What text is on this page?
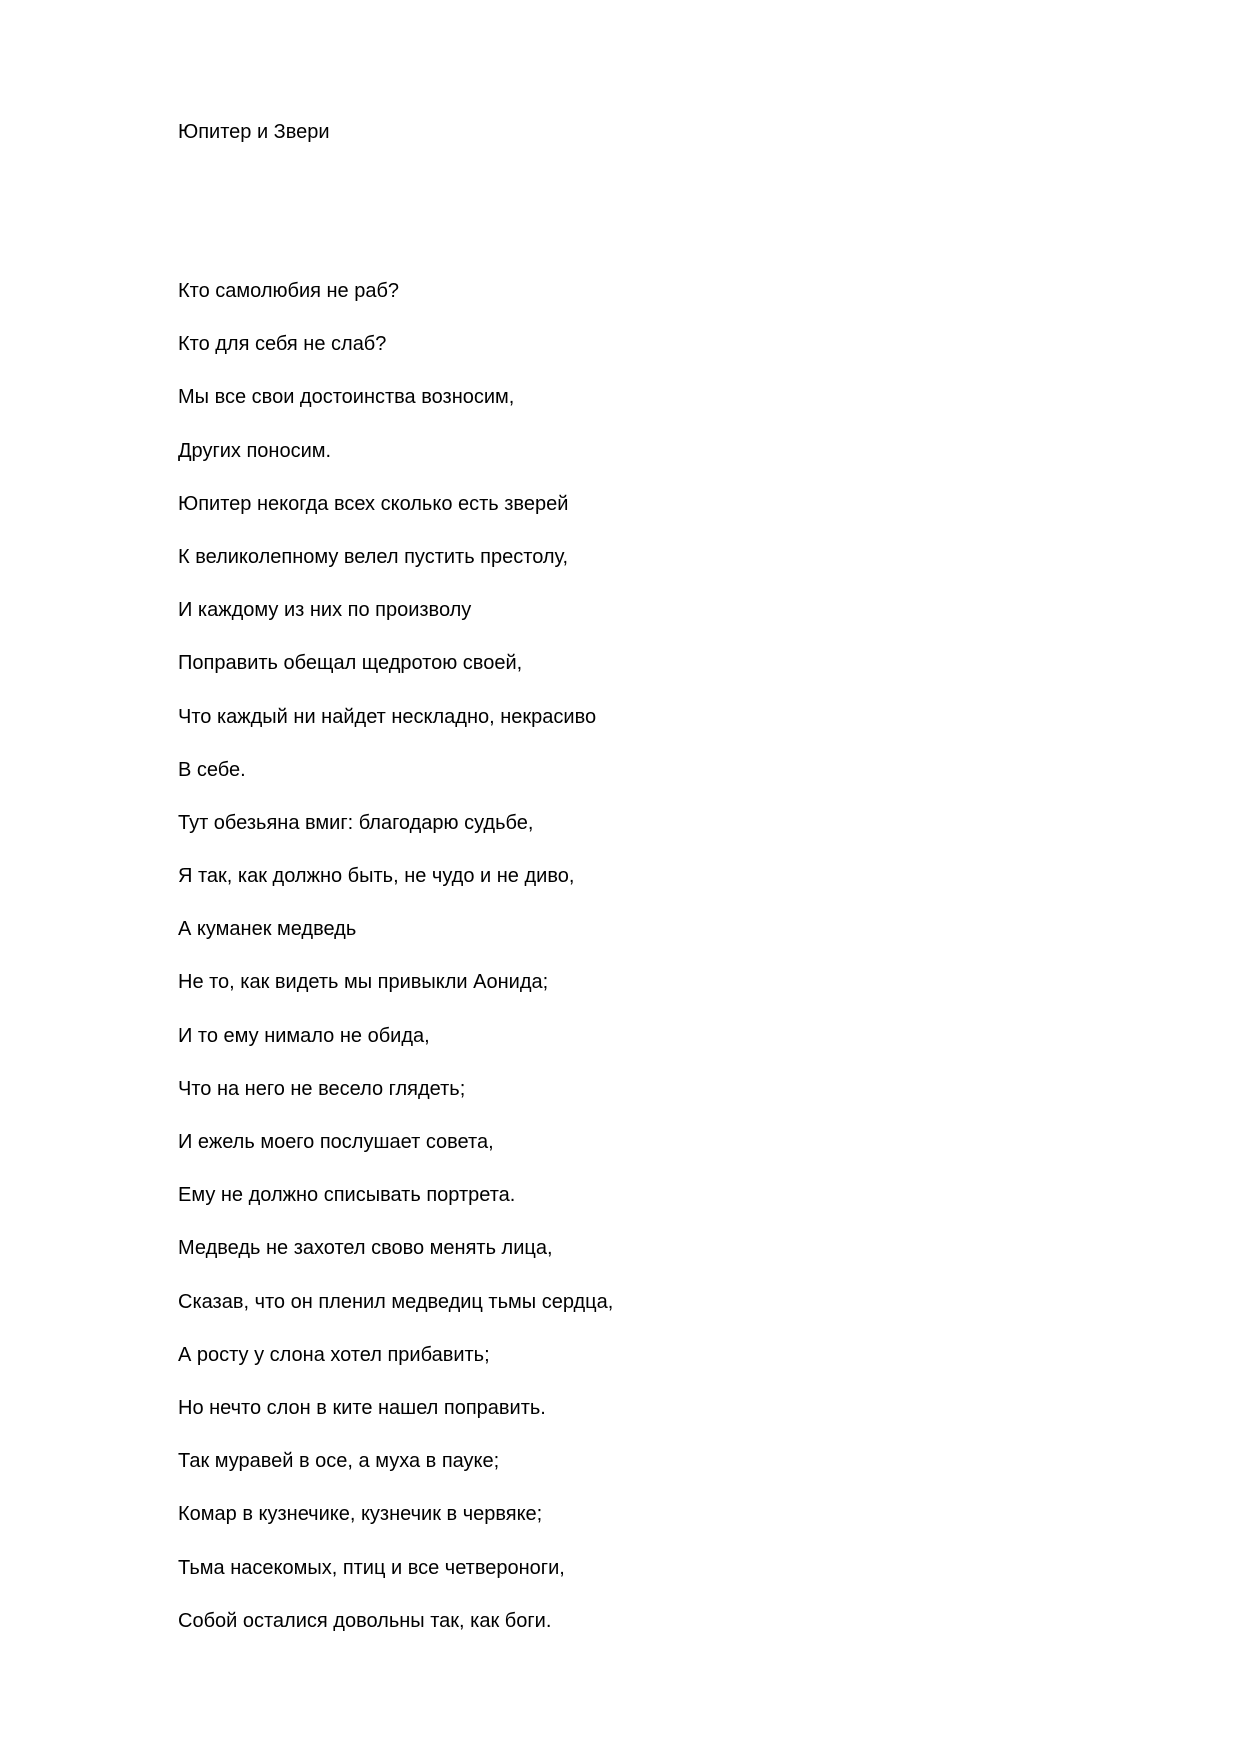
Юпитер и Звери
Кто самолюбия не раб?
Кто для себя не слаб?
Мы все свои достоинства возносим,
Других поносим.
Юпитер некогда всех сколько есть зверей
К великолепному велел пустить престолу,
И каждому из них по произволу
Поправить обещал щедротою своей,
Что каждый ни найдет нескладно, некрасиво
В себе.
Тут обезьяна вмиг: благодарю судьбе,
Я так, как должно быть, не чудо и не диво,
А куманек медведь
Не то, как видеть мы привыкли Аонида;
И то ему нимало не обида,
Что на него не весело глядеть;
И ежель моего послушает совета,
Ему не должно списывать портрета.
Медведь не захотел свово менять лица,
Сказав, что он пленил медведиц тьмы сердца,
А росту у слона хотел прибавить;
Но нечто слон в ките нашел поправить.
Так муравей в осе, а муха в пауке;
Комар в кузнечике, кузнечик в червяке;
Тьма насекомых, птиц и все четвероноги,
Собой осталися довольны так, как боги.
